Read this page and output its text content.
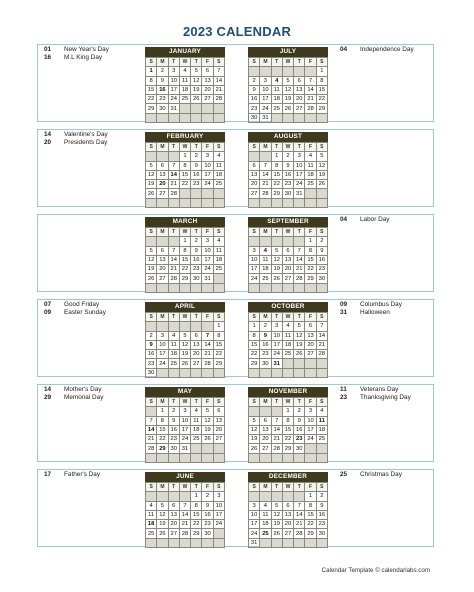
2023 CALENDAR
01	New Year's Day
16	M.L King Day
04	Independence Day
JANUARY
S	M	T	W	T	F	S
1	2	3	4	5	6	7
8	9	10	11	12	13	14
15	16	17	18	19	20	21
22	23	24	25	26	27	28
29	30	31				

JULY
S	M	T	W	T	F	S
						1
2	3	4	5	6	7	8
9	10	11	12	13	14	15
16	17	18	19	20	21	22
23	24	25	26	27	28	29
30	31					
14	Valentine's Day
20	Presidents Day
FEBRUARY
S	M	T	W	T	F	S
			1	2	3	4
5	6	7	8	9	10	11
12	13	14	15	16	17	18
19	20	21	22	23	24	25
26	27	28				

AUGUST
S	M	T	W	T	F	S
		1	2	3	4	5
6	7	8	9	10	11	12
13	14	15	16	17	18	19
20	21	22	23	24	25	26
27	28	29	30	31		

04	Labor Day
MARCH
S	M	T	W	T	F	S
			1	2	3	4
5	6	7	8	9	10	11
12	13	14	15	16	17	18
19	20	21	22	23	24	25
26	27	28	29	30	31	

SEPTEMBER
S	M	T	W	T	F	S
					1	2
3	4	5	6	7	8	9
10	11	12	13	14	15	16
17	18	19	20	21	22	23
24	25	26	27	28	29	30

07	Good Friday
09	Easter Sunday
09	Columbus Day
31	Halloween
APRIL
S	M	T	W	T	F	S
						1
2	3	4	5	6	7	8
9	10	11	12	13	14	15
16	17	18	19	20	21	22
23	24	25	26	27	28	29
30						
OCTOBER
S	M	T	W	T	F	S
1	2	3	4	5	6	7
8	9	10	11	12	13	14
15	16	17	18	19	20	21
22	23	24	25	26	27	28
29	30	31				

14	Mother's Day
29	Memorial Day
11	Veterans Day
23	Thanksgiving Day
MAY
S	M	T	W	T	F	S
	1	2	3	4	5	6
7	8	9	10	11	12	13
14	15	16	17	18	19	20
21	22	23	24	25	26	27
28	29	30	31			

NOVEMBER
S	M	T	W	T	F	S
			1	2	3	4
5	6	7	8	9	10	11
12	13	14	15	16	17	18
19	20	21	22	23	24	25
26	27	28	29	30		

17	Father's Day	25	Christmas Day
JUNE
S	M	T	W	T	F	S
				1	2	3
4	5	6	7	8	9	10
11	12	13	14	15	16	17
18	19	20	21	22	23	24
25	26	27	28	29	30	

DECEMBER
S	M	T	W	T	F	S
					1	2
3	4	5	6	7	8	9
10	11	12	13	14	15	16
17	18	19	20	21	22	23
24	25	26	27	28	29	30
31						
Calendar Template © calendarlabs.com
